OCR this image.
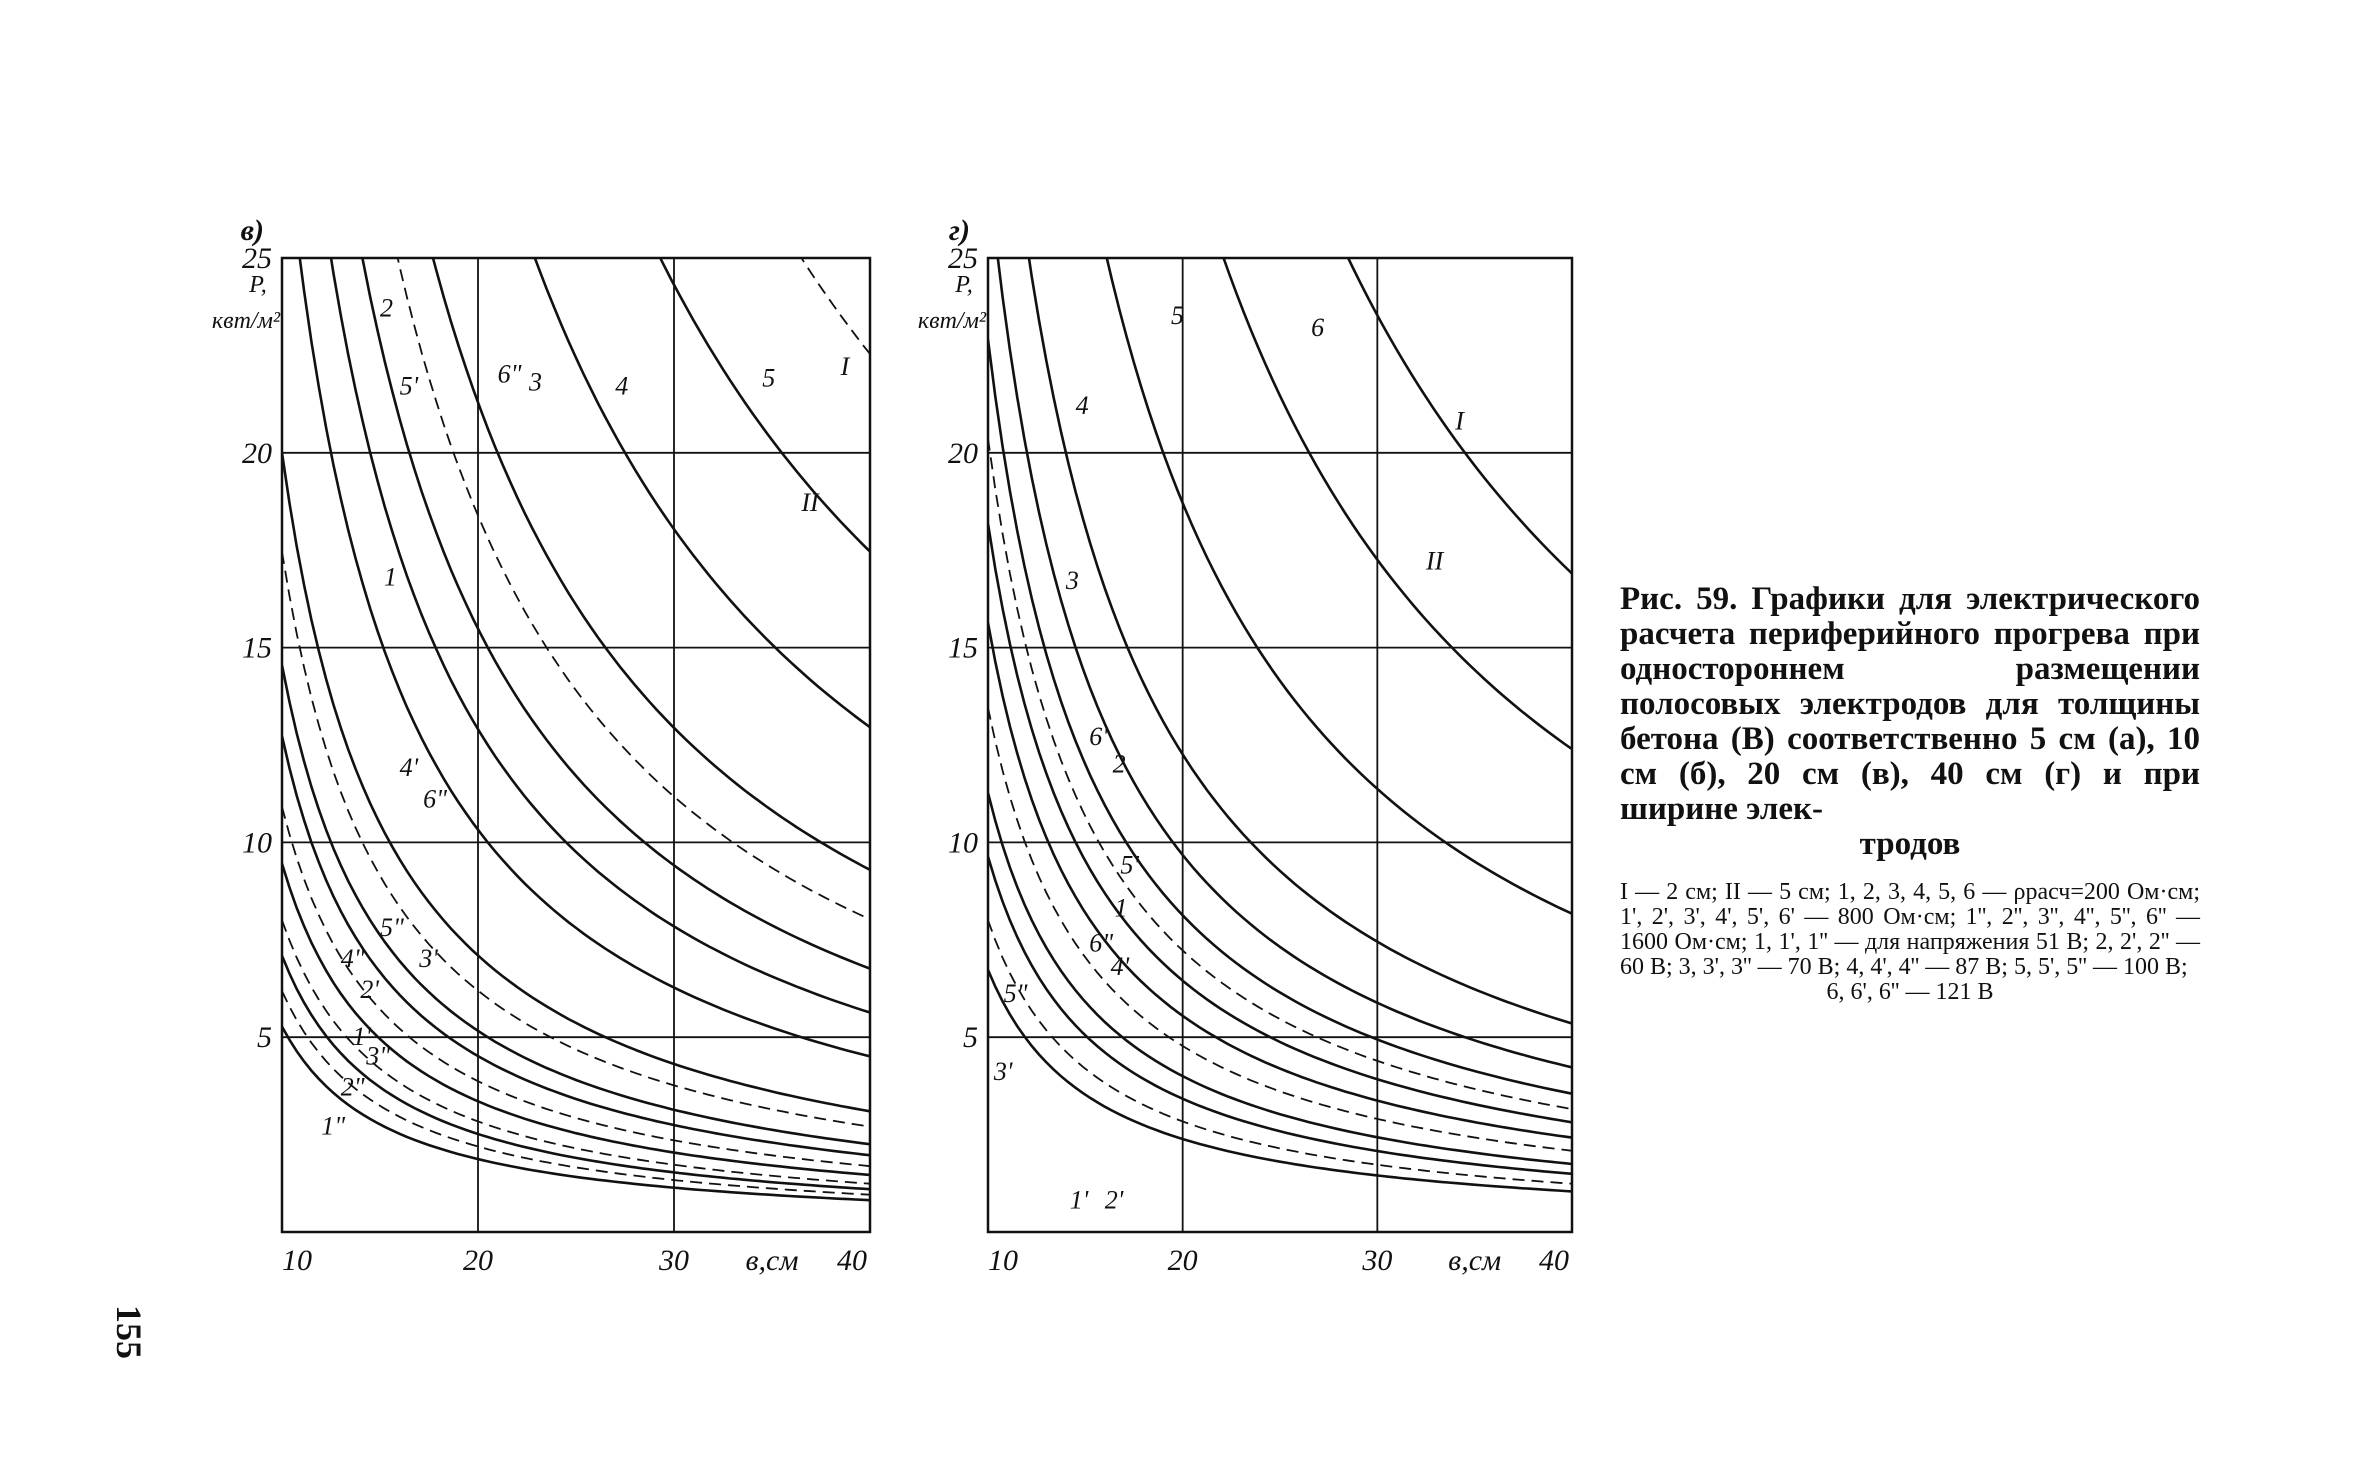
2
5'	6" 3	4	5	I
II
1
4'
6"
5"
4" 3'
2'
1'
3"
2"
1"
10	20	30	40
в,см
5
10
15
20
25
P,
квт/м²
в)
5	6
I
4
II
3
6'
2
5'
1
6"
4'
5"
3'
1' 2'
10	20	30	40
в,см
5
10
15
20
25
P,
квт/м²
г)
Рис. 59. Графики для электрического расчета периферийного прогрева при одностороннем размещении полосовых электродов для толщины бетона (B) соответственно 5 см (а), 10 см (б), 20 см (в), 40 см (г) и при ширине элек-
тродов
I — 2 см; II — 5 см; 1, 2, 3, 4, 5, 6 — ρрасч=200 Ом·см; 1', 2', 3', 4', 5', 6' — 800 Ом·см; 1'', 2'', 3'', 4'', 5'', 6'' — 1600 Ом·см; 1, 1', 1'' — для напряжения 51 В; 2, 2', 2'' — 60 В; 3, 3', 3'' — 70 В; 4, 4', 4'' — 87 В; 5, 5', 5'' — 100 В;
6, 6', 6'' — 121 В
155
